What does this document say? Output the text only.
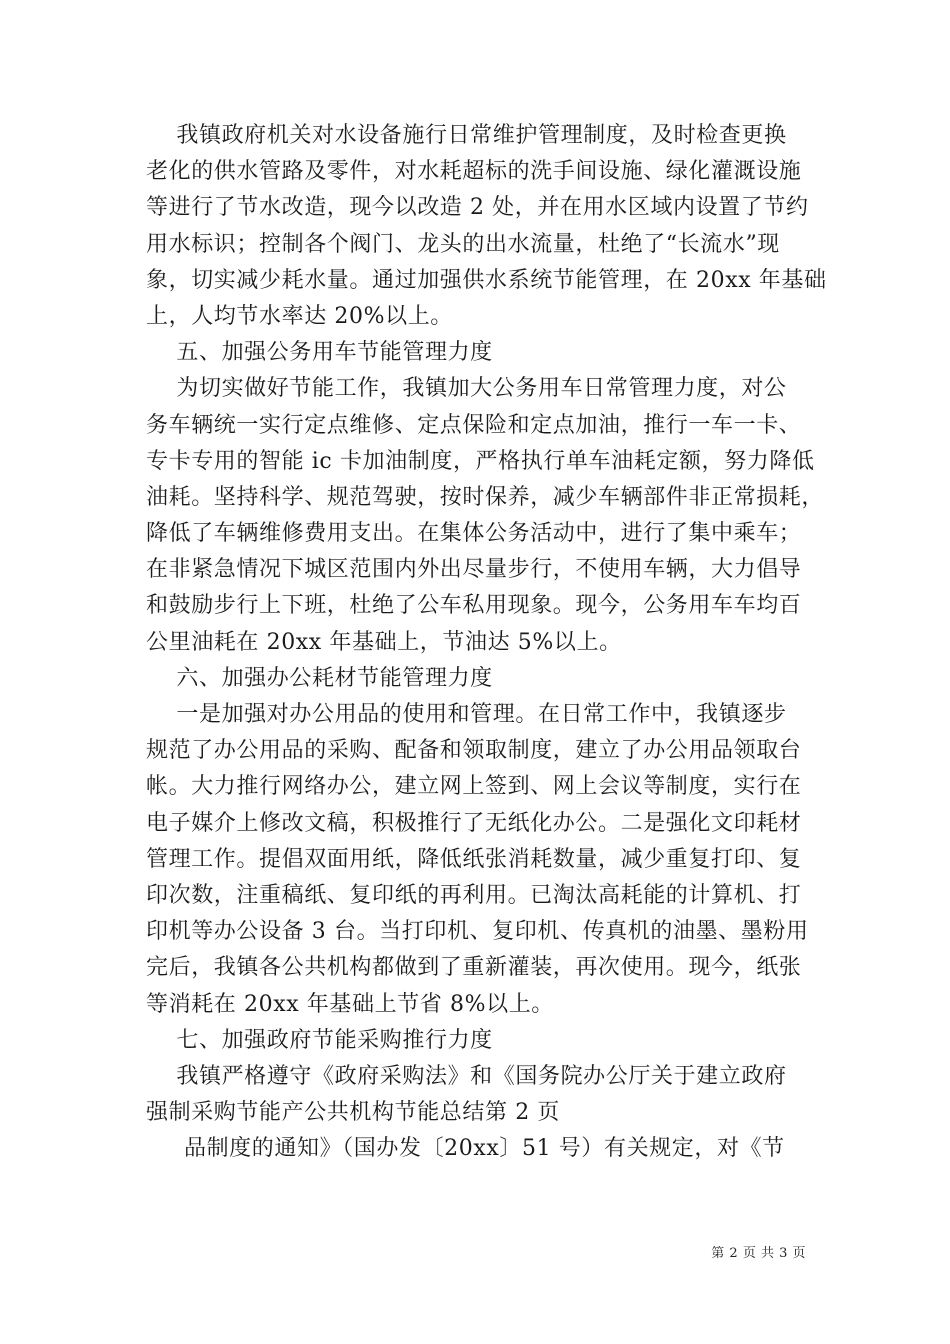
我镇政府机关对水设备施行日常维护管理制度，及时检查更换
老化的供水管路及零件，对水耗超标的洗手间设施、绿化灌溉设施
等进行了节水改造，现今以改造 2 处，并在用水区域内设置了节约
用水标识；控制各个阀门、龙头的出水流量，杜绝了“长流水”现
象，切实减少耗水量。通过加强供水系统节能管理，在 20xx 年基础
上，人均节水率达 20%以上。
五、加强公务用车节能管理力度
为切实做好节能工作，我镇加大公务用车日常管理力度，对公
务车辆统一实行定点维修、定点保险和定点加油，推行一车一卡、
专卡专用的智能 ic 卡加油制度，严格执行单车油耗定额，努力降低
油耗。坚持科学、规范驾驶，按时保养，减少车辆部件非正常损耗，
降低了车辆维修费用支出。在集体公务活动中，进行了集中乘车；
在非紧急情况下城区范围内外出尽量步行，不使用车辆，大力倡导
和鼓励步行上下班，杜绝了公车私用现象。现今，公务用车车均百
公里油耗在 20xx 年基础上，节油达 5%以上。
六、加强办公耗材节能管理力度
一是加强对办公用品的使用和管理。在日常工作中，我镇逐步
规范了办公用品的采购、配备和领取制度，建立了办公用品领取台
帐。大力推行网络办公，建立网上签到、网上会议等制度，实行在
电子媒介上修改文稿，积极推行了无纸化办公。二是强化文印耗材
管理工作。提倡双面用纸，降低纸张消耗数量，减少重复打印、复
印次数，注重稿纸、复印纸的再利用。已淘汰高耗能的计算机、打
印机等办公设备 3 台。当打印机、复印机、传真机的油墨、墨粉用
完后，我镇各公共机构都做到了重新灌装，再次使用。现今，纸张
等消耗在 20xx 年基础上节省 8%以上。
七、加强政府节能采购推行力度
我镇严格遵守《政府采购法》和《国务院办公厅关于建立政府
强制采购节能产公共机构节能总结第 2 页
品制度的通知》（国办发〔20xx〕51 号）有关规定，对《节
第 2 页 共 3 页
